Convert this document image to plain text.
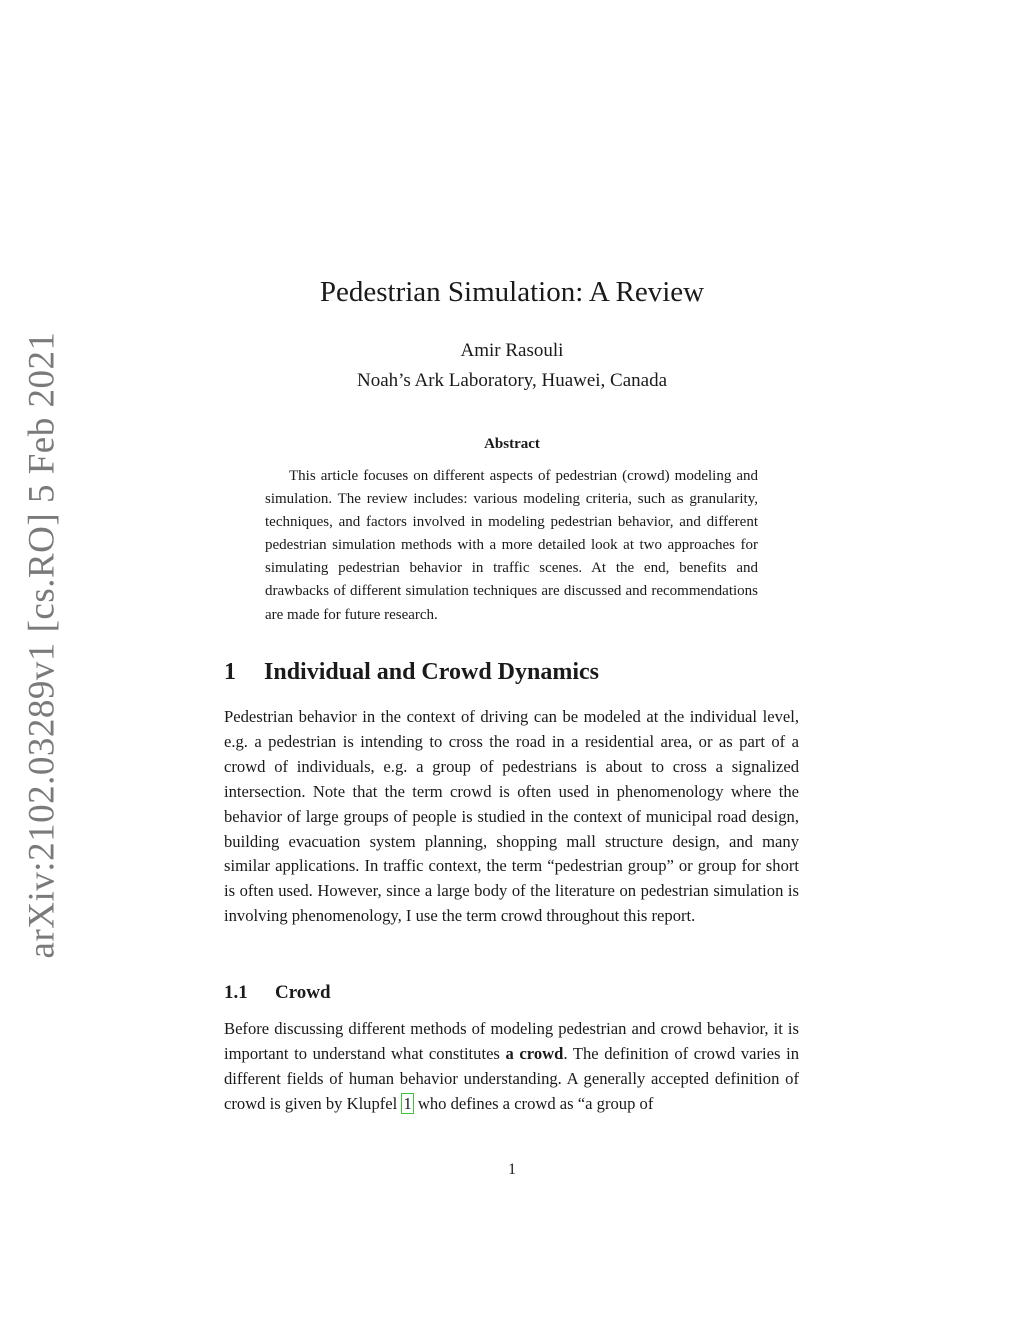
arXiv:2102.03289v1 [cs.RO] 5 Feb 2021
Pedestrian Simulation: A Review
Amir Rasouli
Noah’s Ark Laboratory, Huawei, Canada
Abstract
This article focuses on different aspects of pedestrian (crowd) modeling and simulation. The review includes: various modeling criteria, such as granularity, techniques, and factors involved in modeling pedestrian behavior, and different pedestrian simulation methods with a more detailed look at two approaches for simulating pedestrian behavior in traffic scenes. At the end, benefits and drawbacks of different simulation techniques are discussed and recommendations are made for future research.
1 Individual and Crowd Dynamics
Pedestrian behavior in the context of driving can be modeled at the individual level, e.g. a pedestrian is intending to cross the road in a residential area, or as part of a crowd of individuals, e.g. a group of pedestrians is about to cross a signalized intersection. Note that the term crowd is often used in phenomenology where the behavior of large groups of people is studied in the context of municipal road design, building evacuation system planning, shopping mall structure design, and many similar applications. In traffic context, the term “pedestrian group” or group for short is often used. However, since a large body of the literature on pedestrian simulation is involving phenomenology, I use the term crowd throughout this report.
1.1 Crowd
Before discussing different methods of modeling pedestrian and crowd behavior, it is important to understand what constitutes a crowd. The definition of crowd varies in different fields of human behavior understanding. A generally accepted definition of crowd is given by Klupfel 1 who defines a crowd as “a group of
1
